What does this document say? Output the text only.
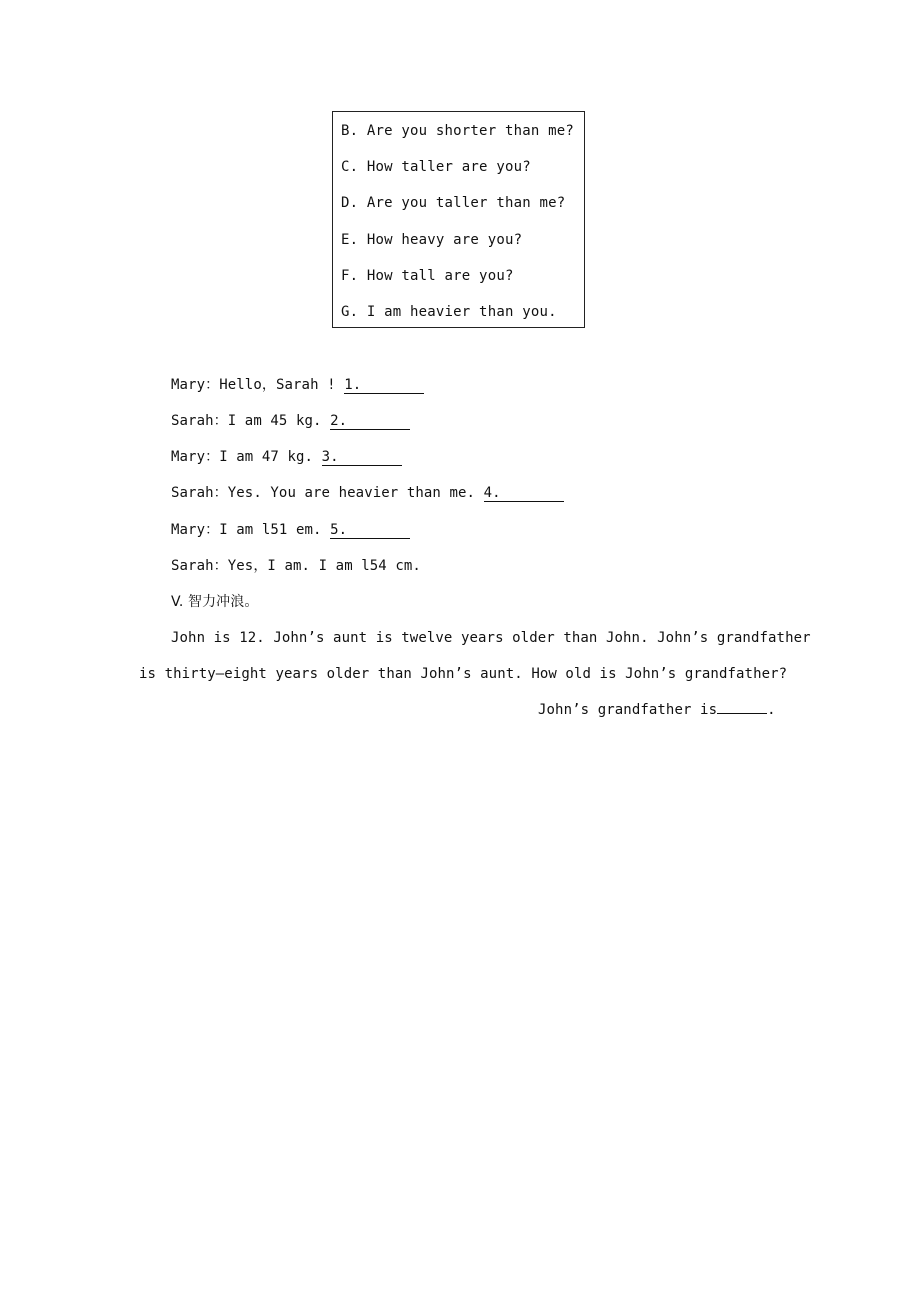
B. Are you shorter than me?
C. How taller are you?
D. Are you taller than me?
E. How heavy are you?
F. How tall are you?
G. I am heavier than you.
Mary：Hello，Sarah ! 1.
Sarah：I am 45 kg. 2.
Mary：I am 47 kg. 3.
Sarah：Yes. You are heavier than me. 4.
Mary：I am l51 em. 5.
Sarah：Yes，I am. I am l54 cm.
V. 智力冲浪。
John is 12. John’s aunt is twelve years older than John. John’s grandfather
is thirty—eight years older than John’s aunt. How old is John’s grandfather?
John’s grandfather is	.
